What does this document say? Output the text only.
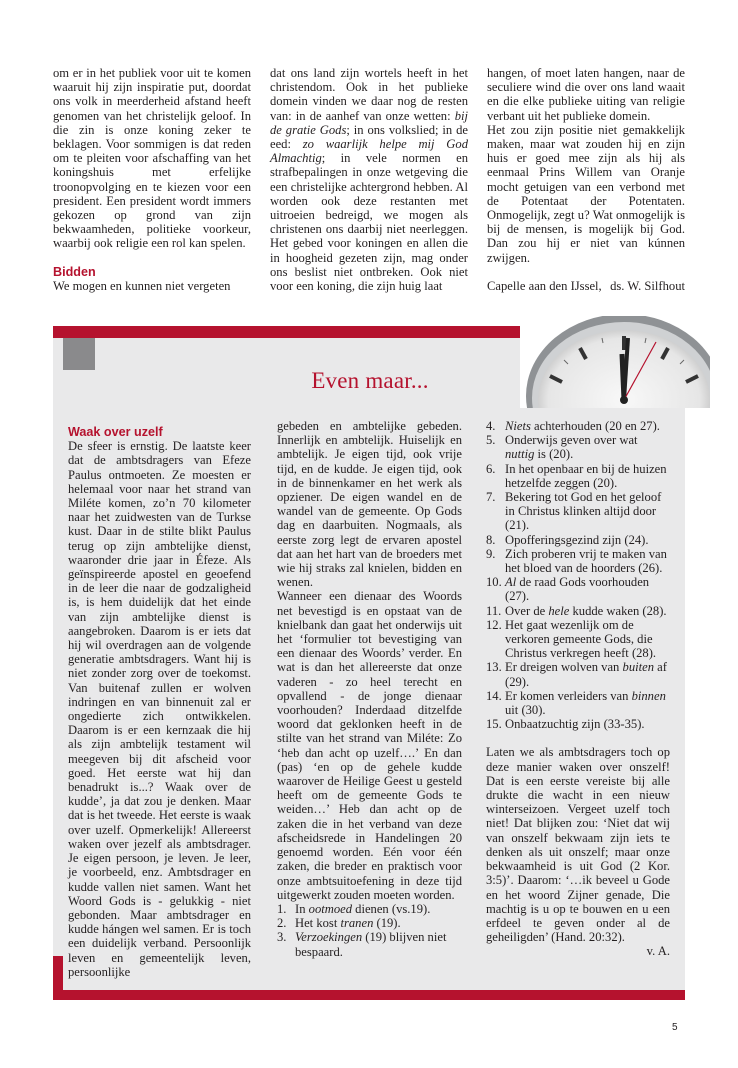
om er in het publiek voor uit te komen waaruit hij zijn inspiratie put, doordat ons volk in meerderheid afstand heeft genomen van het christelijk geloof. In die zin is onze koning zeker te beklagen. Voor sommigen is dat reden om te pleiten voor afschaffing van het koningshuis met erfelijke troonopvolging en te kiezen voor een president. Een president wordt immers gekozen op grond van zijn bekwaamheden, politieke voorkeur, waarbij ook religie een rol kan spelen.

Bidden

We mogen en kunnen niet vergeten

dat ons land zijn wortels heeft in het christendom. Ook in het publieke domein vinden we daar nog de resten van: in de aanhef van onze wetten: bij de gratie Gods; in ons volkslied; in de eed: zo waarlijk helpe mij God Almachtig; in vele normen en strafbepalingen in onze wetgeving die een christelijke achtergrond hebben. Al worden ook deze restanten met uitroeien bedreigd, we mogen als christenen ons daarbij niet neerleggen. Het gebed voor koningen en allen die in hoogheid gezeten zijn, mag onder ons beslist niet ontbreken. Ook niet voor een koning, die zijn huig laat

hangen, of moet laten hangen, naar de seculiere wind die over ons land waait en die elke publieke uiting van religie verbant uit het publieke domein.

Het zou zijn positie niet gemakkelijk maken, maar wat zouden hij en zijn huis er goed mee zijn als hij als eenmaal Prins Willem van Oranje mocht getuigen van een verbond met de Potentaat der Potentaten. Onmogelijk, zegt u? Wat onmogelijk is bij de mensen, is mogelijk bij God. Dan zou hij er niet van kúnnen zwijgen.

Capelle aan den IJssel, ds. W. Silfhout
Even maar...
Waak over uzelf

De sfeer is ernstig. De laatste keer dat de ambtsdragers van Efeze Paulus ontmoeten. Ze moesten er helemaal voor naar het strand van Miléte komen, zo’n 70 kilometer naar het zuidwesten van de Turkse kust. Daar in de stilte blikt Paulus terug op zijn ambtelijke dienst, waaronder drie jaar in Éfeze. Als geïnspireerde apostel en geoefend in de leer die naar de godzaligheid is, is hem duidelijk dat het einde van zijn ambtelijke dienst is aangebroken. Daarom is er iets dat hij wil overdragen aan de volgende generatie ambtsdragers. Want hij is niet zonder zorg over de toekomst. Van buitenaf zullen er wolven indringen en van binnenuit zal er ongedierte zich ontwikkelen. Daarom is er een kernzaak die hij als zijn ambtelijk testament wil meegeven bij dit afscheid voor goed. Het eerste wat hij dan benadrukt is...? Waak over de kudde’, ja dat zou je denken. Maar dat is het tweede. Het eerste is waak over uzelf. Opmerkelijk! Allereerst waken over jezelf als ambtsdrager. Je eigen persoon, je leven. Je leer, je voorbeeld, enz. Ambtsdrager en kudde vallen niet samen. Want het Woord Gods is - gelukkig - niet gebonden. Maar ambtsdrager en kudde hángen wel samen. Er is toch een duidelijk verband. Persoonlijk leven en gemeentelijk leven, persoonlijke

gebeden en ambtelijke gebeden. Innerlijk en ambtelijk. Huiselijk en ambtelijk. Je eigen tijd, ook vrije tijd, en de kudde. Je eigen tijd, ook in de binnenkamer en het werk als opziener. De eigen wandel en de wandel van de gemeente. Op Gods dag en daarbuiten. Nogmaals, als eerste zorg legt de ervaren apostel dat aan het hart van de broeders met wie hij straks zal knielen, bidden en wenen.

Wanneer een dienaar des Woords net bevestigd is en opstaat van de knielbank dan gaat het onderwijs uit het ‘formulier tot bevestiging van een dienaar des Woords’ verder. En wat is dan het allereerste dat onze vaderen - zo heel terecht en opvallend - de jonge dienaar voorhouden? Inderdaad ditzelfde woord dat geklonken heeft in de stilte van het strand van Miléte: Zo ‘heb dan acht op uzelf….’ En dan (pas) ‘en op de gehele kudde waarover de Heilige Geest u gesteld heeft om de gemeente Gods te weiden…’ Heb dan acht op de zaken die in het verband van deze afscheidsrede in Handelingen 20 genoemd worden. Eén voor één zaken, die breder en praktisch voor onze ambtsuitoefening in deze tijd uitgewerkt zouden moeten worden.

1. In ootmoed dienen (vs.19).
2. Het kost tranen (19).
3. Verzoekingen (19) blijven niet bespaard.
4. Niets achterhouden (20 en 27).
5. Onderwijs geven over wat nuttig is (20).
6. In het openbaar en bij de huizen hetzelfde zeggen (20).
7. Bekering tot God en het geloof in Christus klinken altijd door (21).
8. Opofferingsgezind zijn (24).
9. Zich proberen vrij te maken van het bloed van de hoorders (26).
10. Al de raad Gods voorhouden (27).
11. Over de hele kudde waken (28).
12. Het gaat wezenlijk om de verkoren gemeente Gods, die Christus verkregen heeft (28).
13. Er dreigen wolven van buiten af (29).
14. Er komen verleiders van binnen uit (30).
15. Onbaatzuchtig zijn (33-35).

Laten we als ambtsdragers toch op deze manier waken over onszelf! Dat is een eerste vereiste bij alle drukte die wacht in een nieuw winterseizoen. Vergeet uzelf toch niet! Dat blijken zou: ‘Niet dat wij van onszelf bekwaam zijn iets te denken als uit onszelf; maar onze bekwaamheid is uit God (2 Kor. 3:5)’. Daarom: ‘…ik beveel u Gode en het woord Zijner genade, Die machtig is u op te bouwen en u een erfdeel te geven onder al de geheiligden’ (Hand. 20:32).

v. A.
5
